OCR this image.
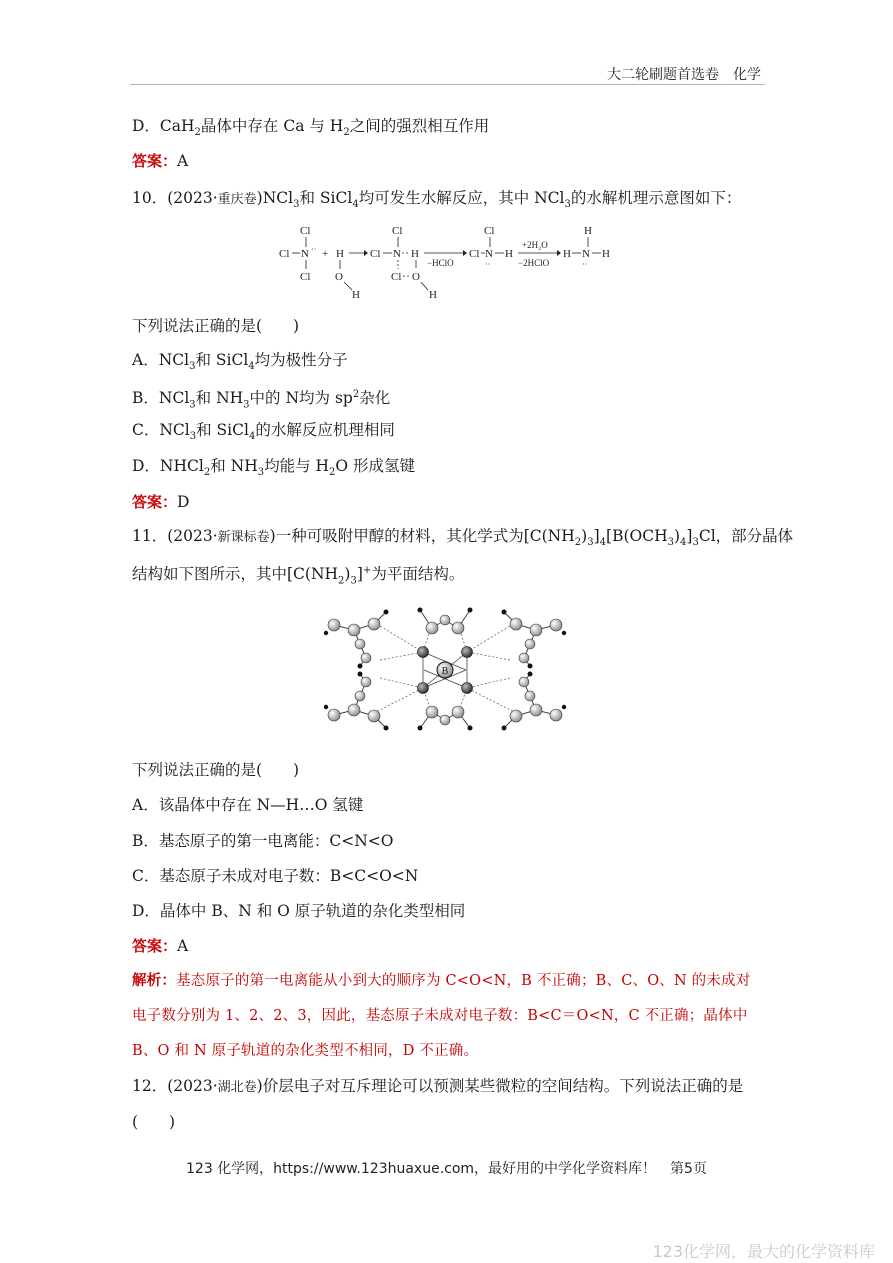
大二轮刷题首选卷　化学
D．CaH$_2$晶体中存在 Ca 与 $H_2$之间的强烈相互作用
答案：A
10．(2023·重庆卷)NCl$_3$和 SiCl$_4$均可发生水解反应，其中 NCl$_3$的水解机理示意图如下：
Cl
Cl N ··
Cl
+ H
O
H
Cl
Cl N H
Cl O
H
−HClO
Cl
Cl N
··
H
+2H₂O
−2HClO
H
H N
··
H
下列说法正确的是(　　)
A．NCl$_3$和 SiCl$_4$均为极性分子
B．NCl$_3$和 $NH_3$中的 N均为 $sp^2$杂化
C．NCl$_3$和 SiCl$_4$的水解反应机理相同
D．NHCl$_2$和 $NH_3$均能与 $H_2O$ 形成氢键
答案：D
11．(2023·新课标卷)一种可吸附甲醇的材料，其化学式为$[C(NH_2)_3]_4[B(OCH_3)_4]_3Cl$，部分晶体
结构如下图所示，其中$[C(NH_2)_3]^+$为平面结构。
B
下列说法正确的是(　　)
A．该晶体中存在 N—H…O 氢键
B．基态原子的第一电离能：C<N<O
C．基态原子未成对电子数：B<C<O<N
D．晶体中 B、N 和 O 原子轨道的杂化类型相同
答案：A
解析：基态原子的第一电离能从小到大的顺序为 C<O<N，B 不正确；B、C、O、N 的未成对
电子数分别为 1、2、2、3，因此，基态原子未成对电子数：B<C＝O<N，C 不正确；晶体中
B、O 和 N 原子轨道的杂化类型不相同，D 不正确。
12．(2023·湖北卷)价层电子对互斥理论可以预测某些微粒的空间结构。下列说法正确的是
(　　)
123 化学网，https://www.123huaxue.com，最好用的中学化学资料库！　第5页
123化学网，最大的化学资料库
